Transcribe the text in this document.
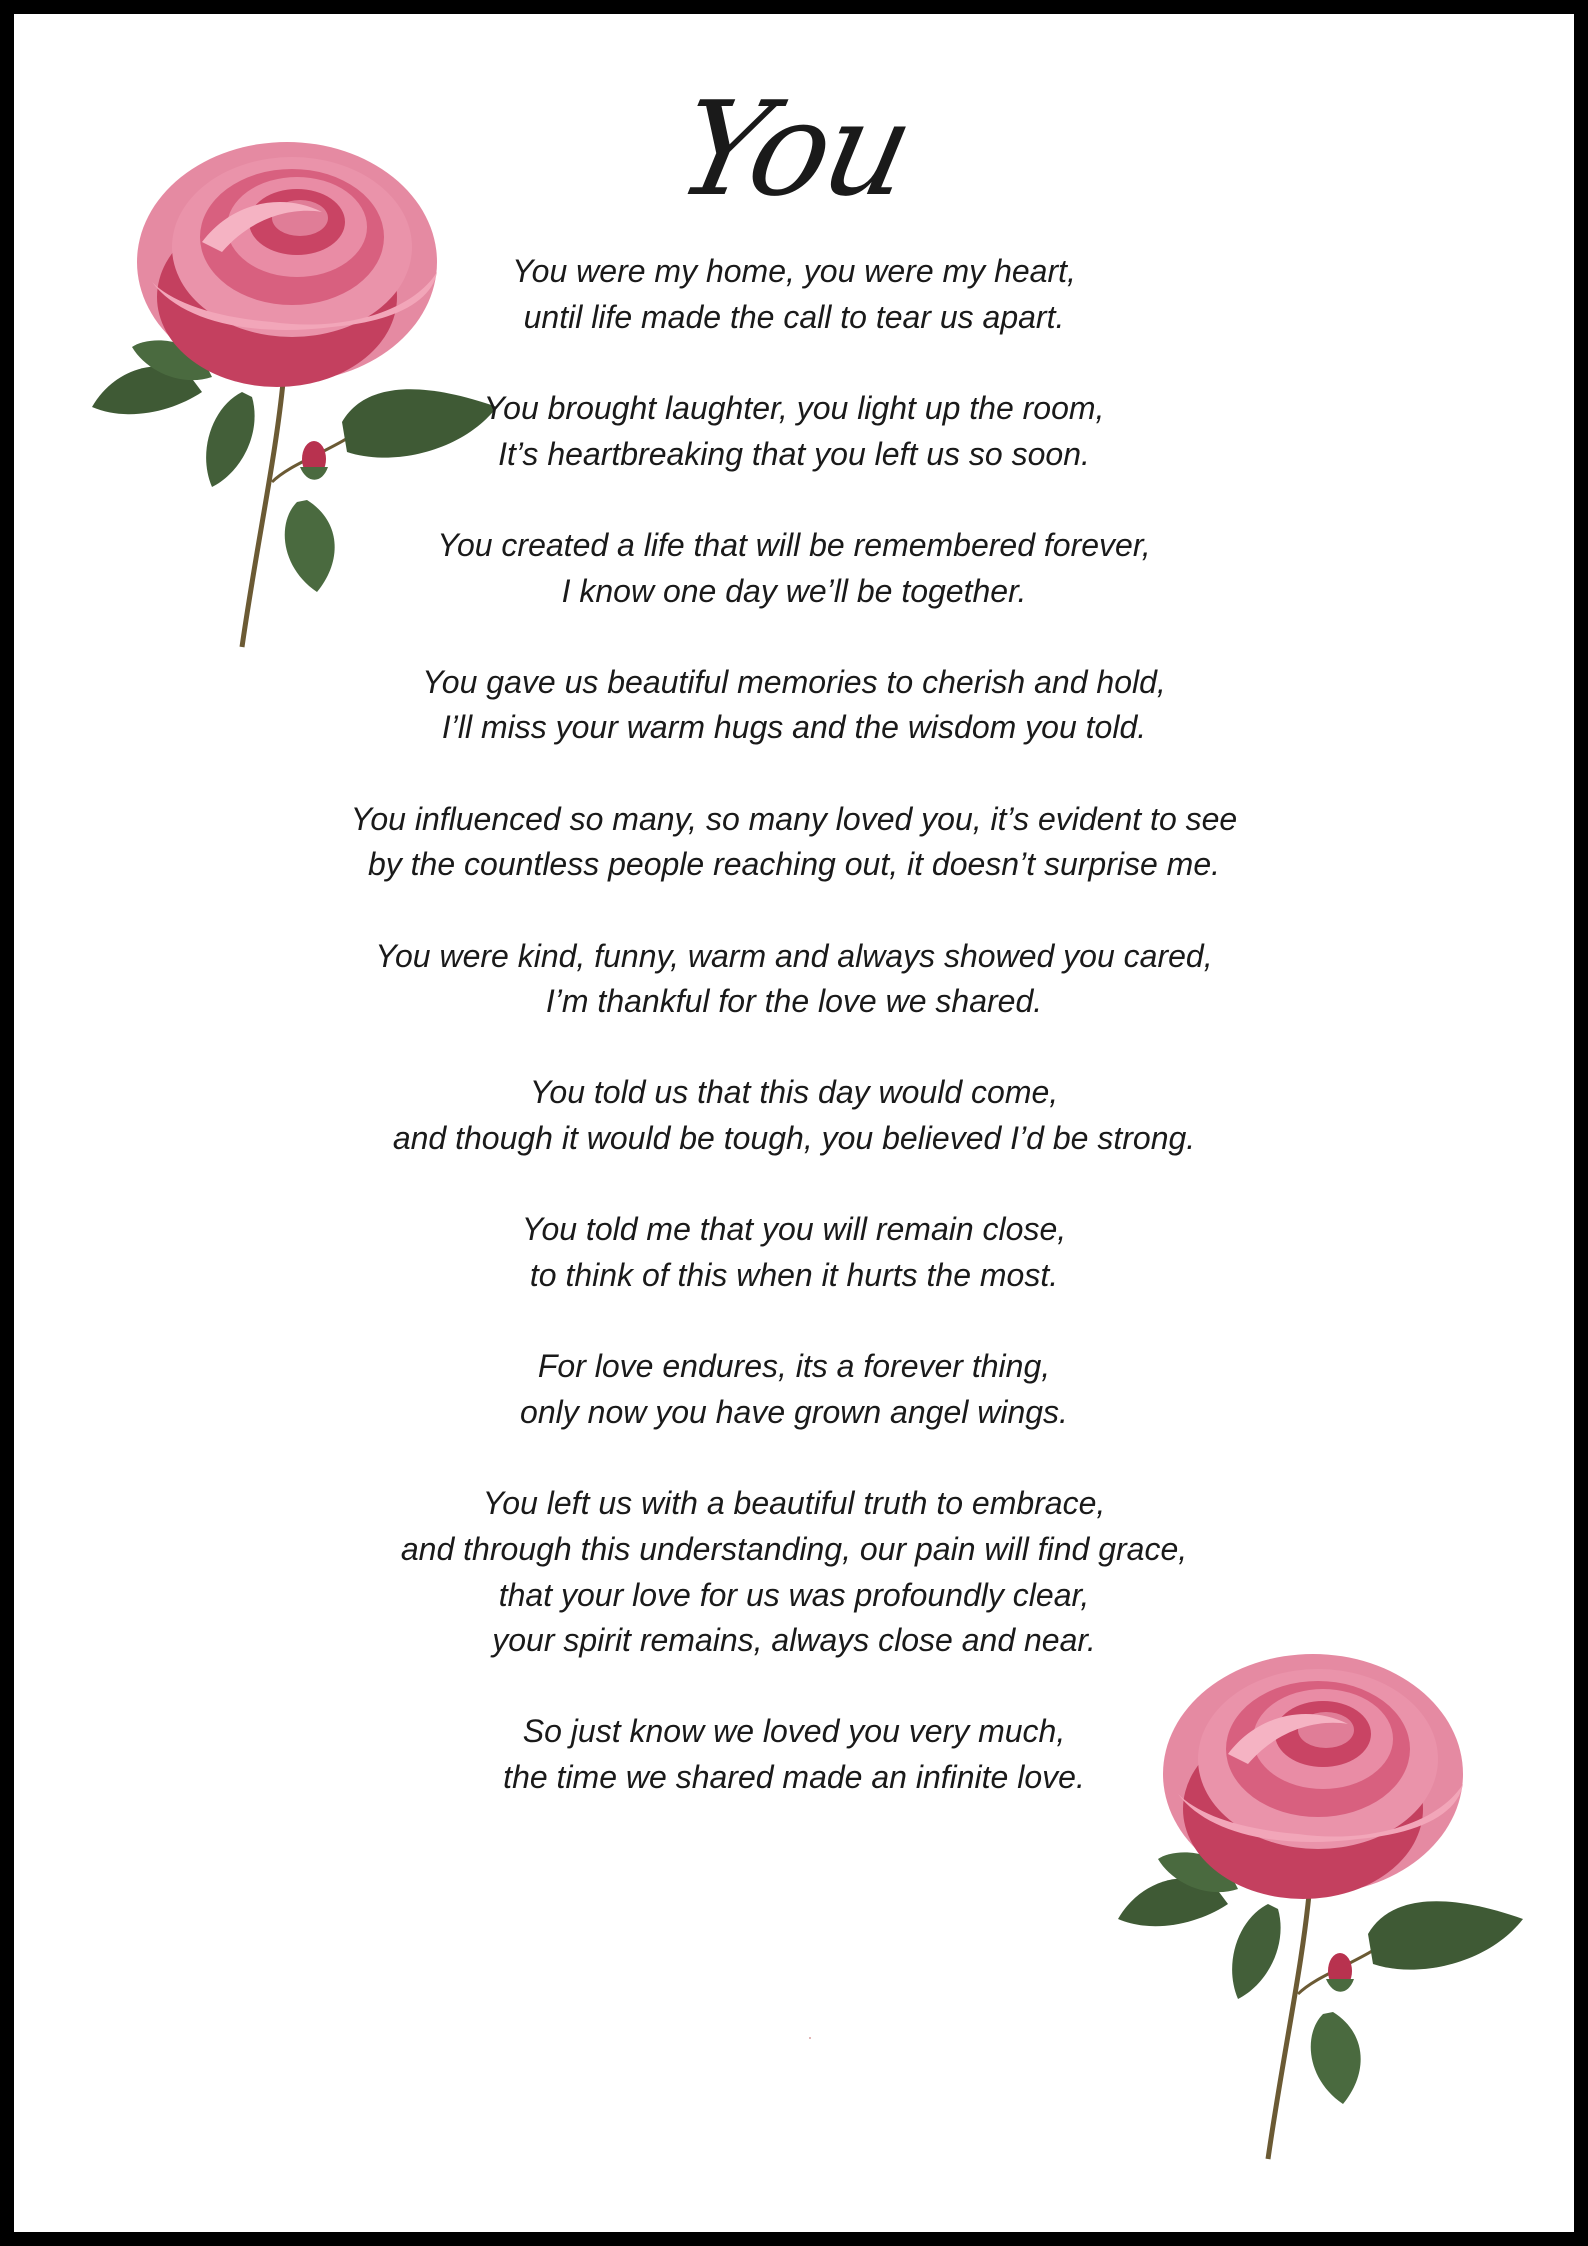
You
You were my home, you were my heart,
until life made the call to tear us apart.
You brought laughter, you light up the room,
It’s heartbreaking that you left us so soon.
You created a life that will be remembered forever,
I know one day we’ll be together.
You gave us beautiful memories to cherish and hold,
I’ll miss your warm hugs and the wisdom you told.
You influenced so many, so many loved you, it’s evident to see
by the countless people reaching out, it doesn’t surprise me.
You were kind, funny, warm and always showed you cared,
I’m thankful for the love we shared.
You told us that this day would come,
and though it would be tough, you believed I’d be strong.
You told me that you will remain close,
to think of this when it hurts the most.
For love endures, its a forever thing,
only now you have grown angel wings.
You left us with a beautiful truth to embrace,
and through this understanding, our pain will find grace,
that your love for us was profoundly clear,
your spirit remains, always close and near.
So just know we loved you very much,
the time we shared made an infinite love.
